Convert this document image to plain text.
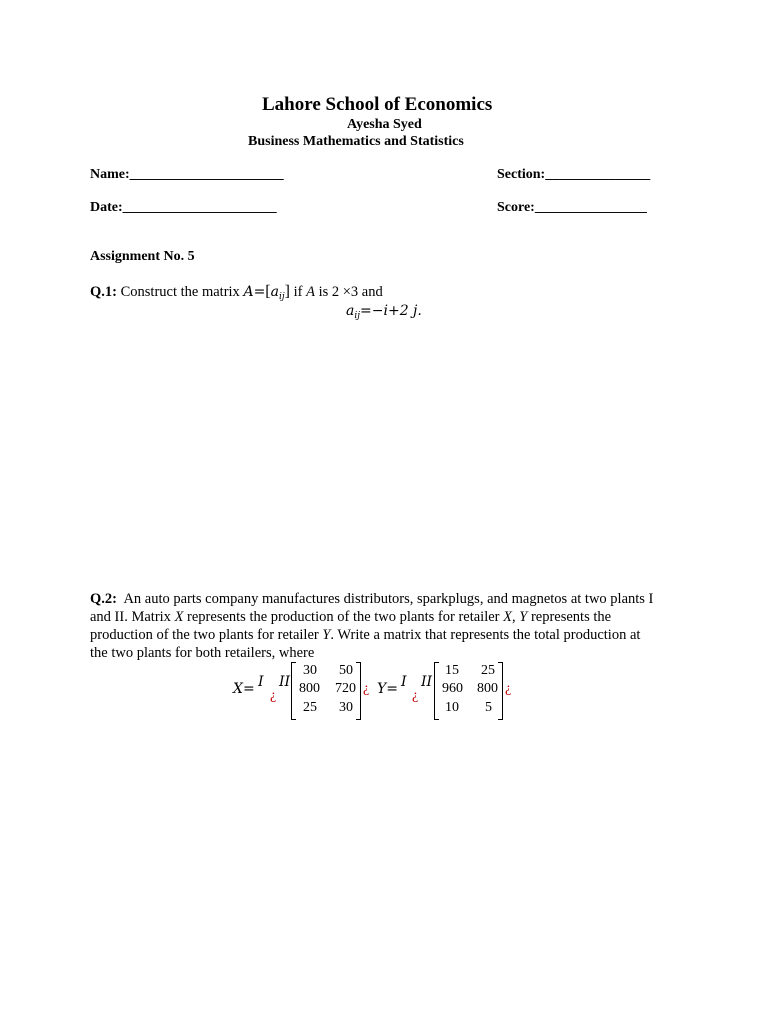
Lahore School of Economics
Ayesha Syed
Business Mathematics and Statistics
Name:______________________	Section:_______________
Date:______________________	Score:________________
Assignment No. 5
Q.1: Construct the matrix $A=[a_{ij}]$ if A is 2 ×3 and
$a_{ij}=-i+2$ j.
Q.2: An auto parts company manufactures distributors, sparkplugs, and magnetos at two plants I
and II. Matrix X represents the production of the two plants for retailer X, Y represents the
production of the two plants for retailer Y. Write a matrix that represents the total production at
the two plants for both retailers, where
X= I
¿
II
30	50
800	720
25	30
¿ Y= I
¿
II
15	25
960	800
10	5
¿
